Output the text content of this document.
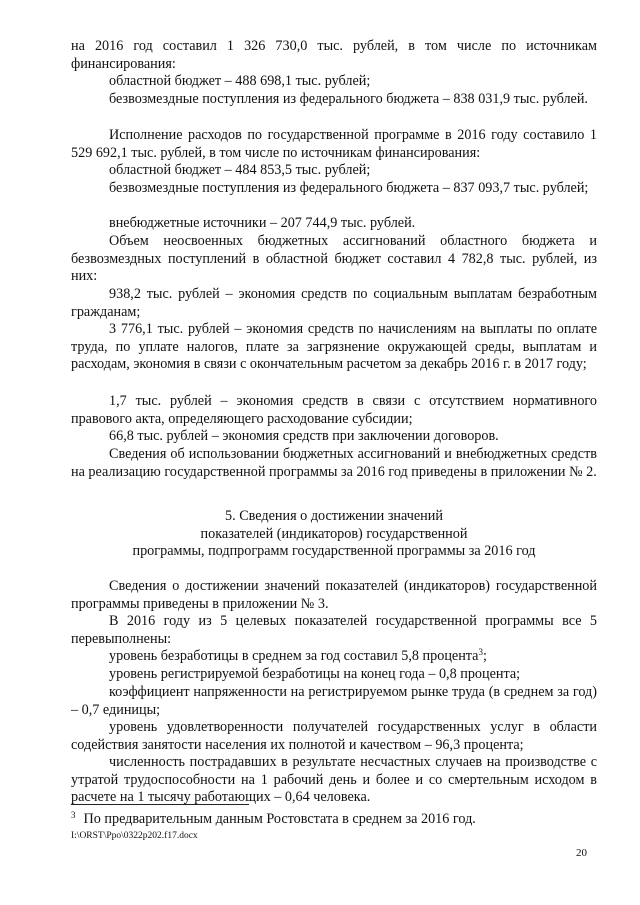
на 2016 год составил 1 326 730,0 тыс. рублей, в том числе по источникам финансирования:

областной бюджет – 488 698,1 тыс. рублей;

безвозмездные поступления из федерального бюджета – 838 031,9 тыс. рублей.

Исполнение расходов по государственной программе в 2016 году составило 1 529 692,1 тыс. рублей, в том числе по источникам финансирования:

областной бюджет – 484 853,5 тыс. рублей;

безвозмездные поступления из федерального бюджета – 837 093,7 тыс. рублей;

внебюджетные источники – 207 744,9 тыс. рублей.

Объем неосвоенных бюджетных ассигнований областного бюджета и безвозмездных поступлений в областной бюджет составил 4 782,8 тыс. рублей, из них:

938,2 тыс. рублей – экономия средств по социальным выплатам безработным гражданам;

3 776,1 тыс. рублей – экономия средств по начислениям на выплаты по оплате труда, по уплате налогов, плате за загрязнение окружающей среды, выплатам и расходам, экономия в связи с окончательным расчетом за декабрь 2016 г. в 2017 году;

1,7 тыс. рублей – экономия средств в связи с отсутствием нормативного правового акта, определяющего расходование субсидии;

66,8 тыс. рублей – экономия средств при заключении договоров.

Сведения об использовании бюджетных ассигнований и внебюджетных средств на реализацию государственной программы за 2016 год приведены в приложении № 2.

5. Сведения о достижении значений
показателей (индикаторов) государственной
программы, подпрограмм государственной программы за 2016 год

Сведения о достижении значений показателей (индикаторов) государственной программы приведены в приложении № 3.

В 2016 году из 5 целевых показателей государственной программы все 5 перевыполнены:

уровень безработицы в среднем за год составил 5,8 процента$^3$;

уровень регистрируемой безработицы на конец года – 0,8 процента;

коэффициент напряженности на регистрируемом рынке труда (в среднем за год) – 0,7 единицы;

уровень удовлетворенности получателей государственных услуг в области содействия занятости населения их полнотой и качеством – 96,3 процента;

численность пострадавших в результате несчастных случаев на производстве с утратой трудоспособности на 1 рабочий день и более и со смертельным исходом в расчете на 1 тысячу работающих – 0,64 человека.

$^3$ По предварительным данным Ростовстата в среднем за 2016 год.
I:\ORST\Ppo\0322p202.f17.docx
20
